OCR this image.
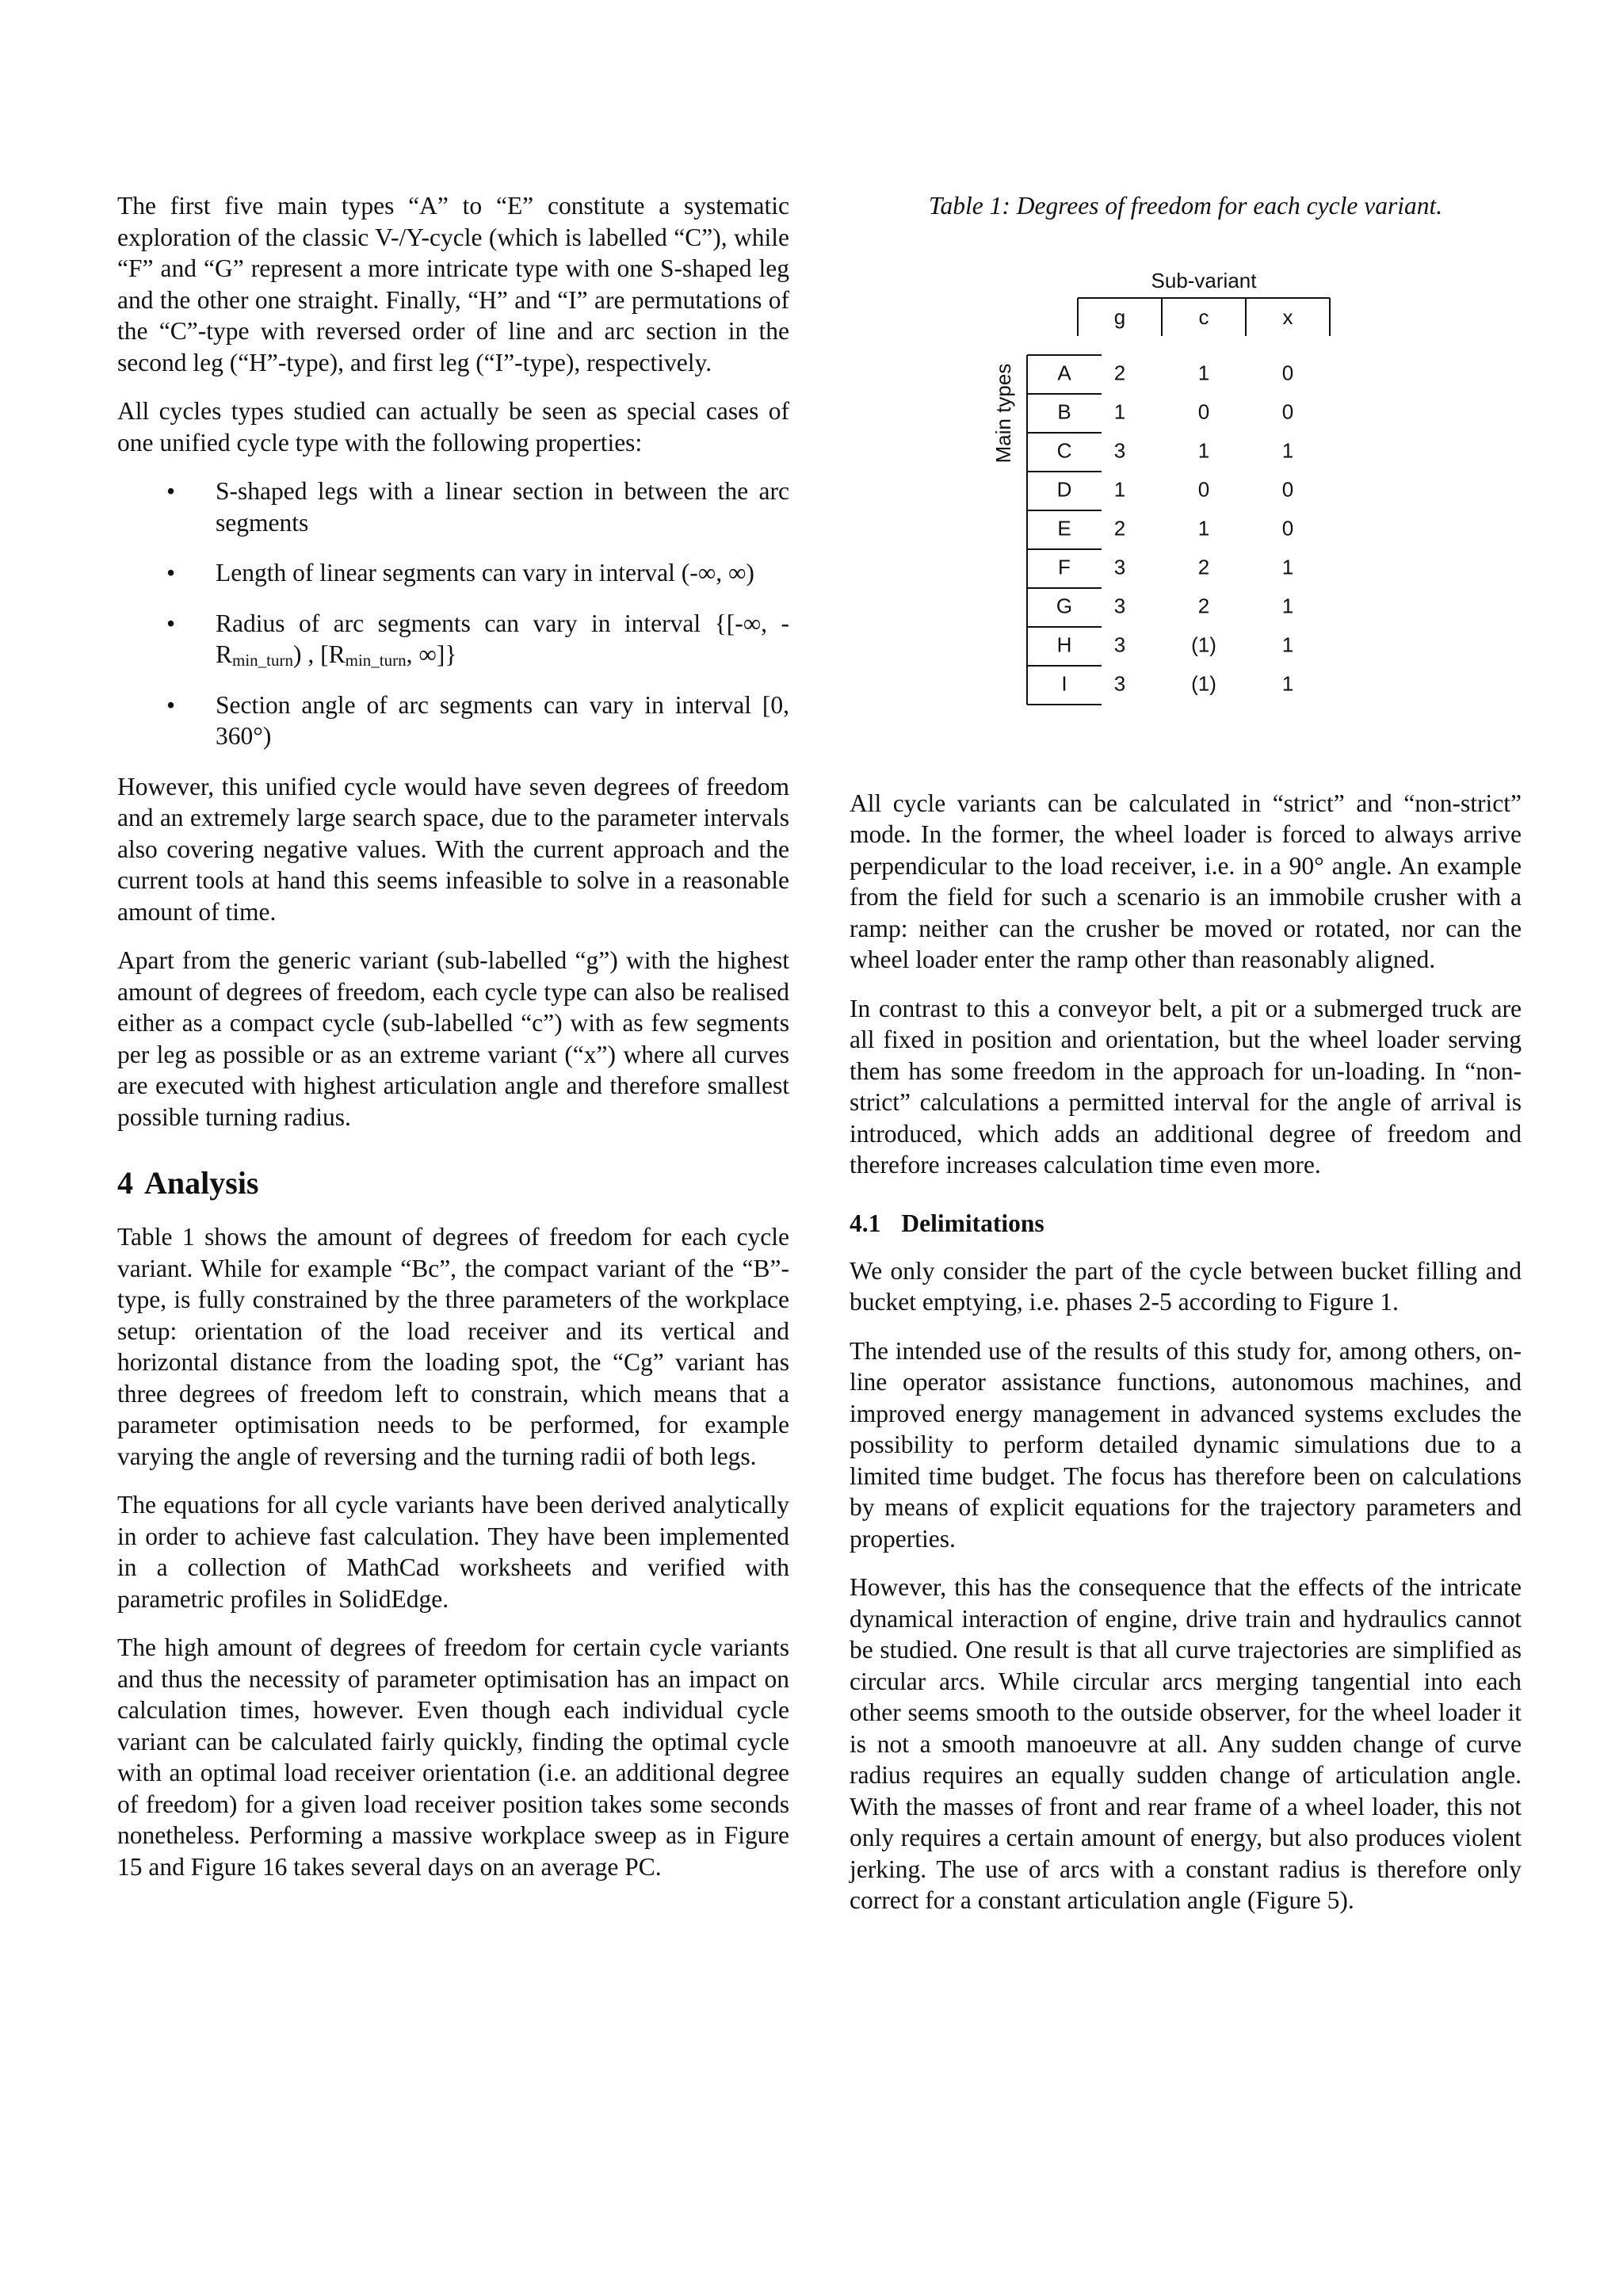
The first five main types “A” to “E” constitute a systematic exploration of the classic V-/Y-cycle (which is labelled “C”), while “F” and “G” represent a more intricate type with one S-shaped leg and the other one straight. Finally, “H” and “I” are permutations of the “C”-type with reversed order of line and arc section in the second leg (“H”-type), and first leg (“I”-type), respectively.

All cycles types studied can actually be seen as special cases of one unified cycle type with the following properties:

• S-shaped legs with a linear section in between the arc segments
• Length of linear segments can vary in interval (-∞, ∞)
• Radius of arc segments can vary in interval {[-∞, $-R_{min\_turn}$) , [$R_{min\_turn}$, ∞]}
• Section angle of arc segments can vary in interval [0, 360°)

However, this unified cycle would have seven degrees of freedom and an extremely large search space, due to the parameter intervals also covering negative values. With the current approach and the current tools at hand this seems infeasible to solve in a reasonable amount of time.

Apart from the generic variant (sub-labelled “g”) with the highest amount of degrees of freedom, each cycle type can also be realised either as a compact cycle (sub-labelled “c”) with as few segments per leg as possible or as an extreme variant (“x”) where all curves are executed with highest articulation angle and therefore smallest possible turning radius.

4 Analysis

Table 1 shows the amount of degrees of freedom for each cycle variant. While for example “Bc”, the compact variant of the “B”-type, is fully constrained by the three parameters of the workplace setup: orientation of the load receiver and its vertical and horizontal distance from the loading spot, the “Cg” variant has three degrees of freedom left to constrain, which means that a parameter optimisation needs to be performed, for example varying the angle of reversing and the turning radii of both legs.

The equations for all cycle variants have been derived analytically in order to achieve fast calculation. They have been implemented in a collection of MathCad worksheets and verified with parametric profiles in SolidEdge.

The high amount of degrees of freedom for certain cycle variants and thus the necessity of parameter optimisation has an impact on calculation times, however. Even though each individual cycle variant can be calculated fairly quickly, finding the optimal cycle with an optimal load receiver orientation (i.e. an additional degree of freedom) for a given load receiver position takes some seconds nonetheless. Performing a massive workplace sweep as in Figure 15 and Figure 16 takes several days on an average PC.

Table 1: Degrees of freedom for each cycle variant.

Sub-variant
g	c	x
Main types A 2	1	0
B 1	0	0
C 3	1	1
D 1	0	0
E 2	1	0
F 3	2	1
G 3	2	1
H 3	(1)	1
I 3	(1)	1

All cycle variants can be calculated in “strict” and “non-strict” mode. In the former, the wheel loader is forced to always arrive perpendicular to the load receiver, i.e. in a 90° angle. An example from the field for such a scenario is an immobile crusher with a ramp: neither can the crusher be moved or rotated, nor can the wheel loader enter the ramp other than reasonably aligned.

In contrast to this a conveyor belt, a pit or a submerged truck are all fixed in position and orientation, but the wheel loader serving them has some freedom in the approach for un-loading. In “non-strict” calculations a permitted interval for the angle of arrival is introduced, which adds an additional degree of freedom and therefore increases calculation time even more.

4.1 Delimitations

We only consider the part of the cycle between bucket filling and bucket emptying, i.e. phases 2-5 according to Figure 1.

The intended use of the results of this study for, among others, on-line operator assistance functions, autonomous machines, and improved energy management in advanced systems excludes the possibility to perform detailed dynamic simulations due to a limited time budget. The focus has therefore been on calculations by means of explicit equations for the trajectory parameters and properties.

However, this has the consequence that the effects of the intricate dynamical interaction of engine, drive train and hydraulics cannot be studied. One result is that all curve trajectories are simplified as circular arcs. While circular arcs merging tangential into each other seems smooth to the outside observer, for the wheel loader it is not a smooth manoeuvre at all. Any sudden change of curve radius requires an equally sudden change of articulation angle. With the masses of front and rear frame of a wheel loader, this not only requires a certain amount of energy, but also produces violent jerking. The use of arcs with a constant radius is therefore only correct for a constant articulation angle (Figure 5).
